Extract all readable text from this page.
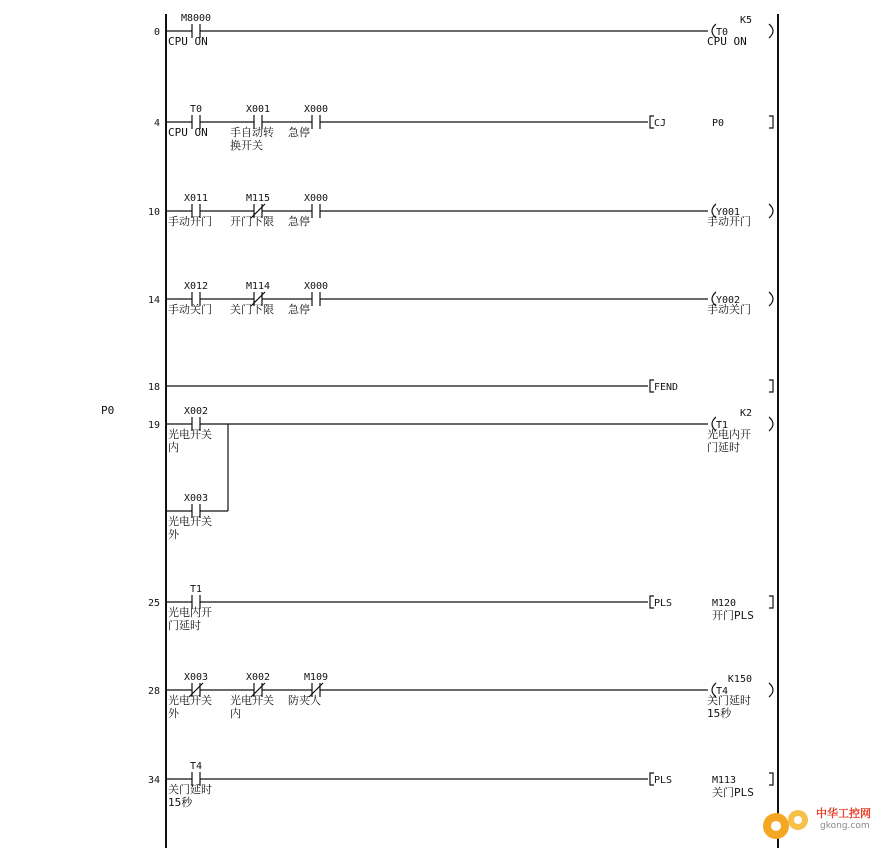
P0
0
M8000
CPU ON
T0
K5
CPU ON
4
T0
CPU ON
X001
手自动转
换开关
X000
急停
CJ	P0
10
X011
手动开门
M115
开门下限
X000
急停
Y001
手动开门
14
X012
手动关门
M114
关门下限
X000
急停
Y002
手动关门
18	FEND
19
X002
光电开关
内
X003
光电开关
外
T1
K2
光电内开
门延时
25
T1
光电内开
门延时
PLS	M120
开门PLS
28
X003
光电开关
外
X002
光电开关
内
M109
防夹人
T4
K150
关门延时
15秒
34
T4
关门延时
15秒
PLS	M113
关门PLS
中华工控网
gkong.com
